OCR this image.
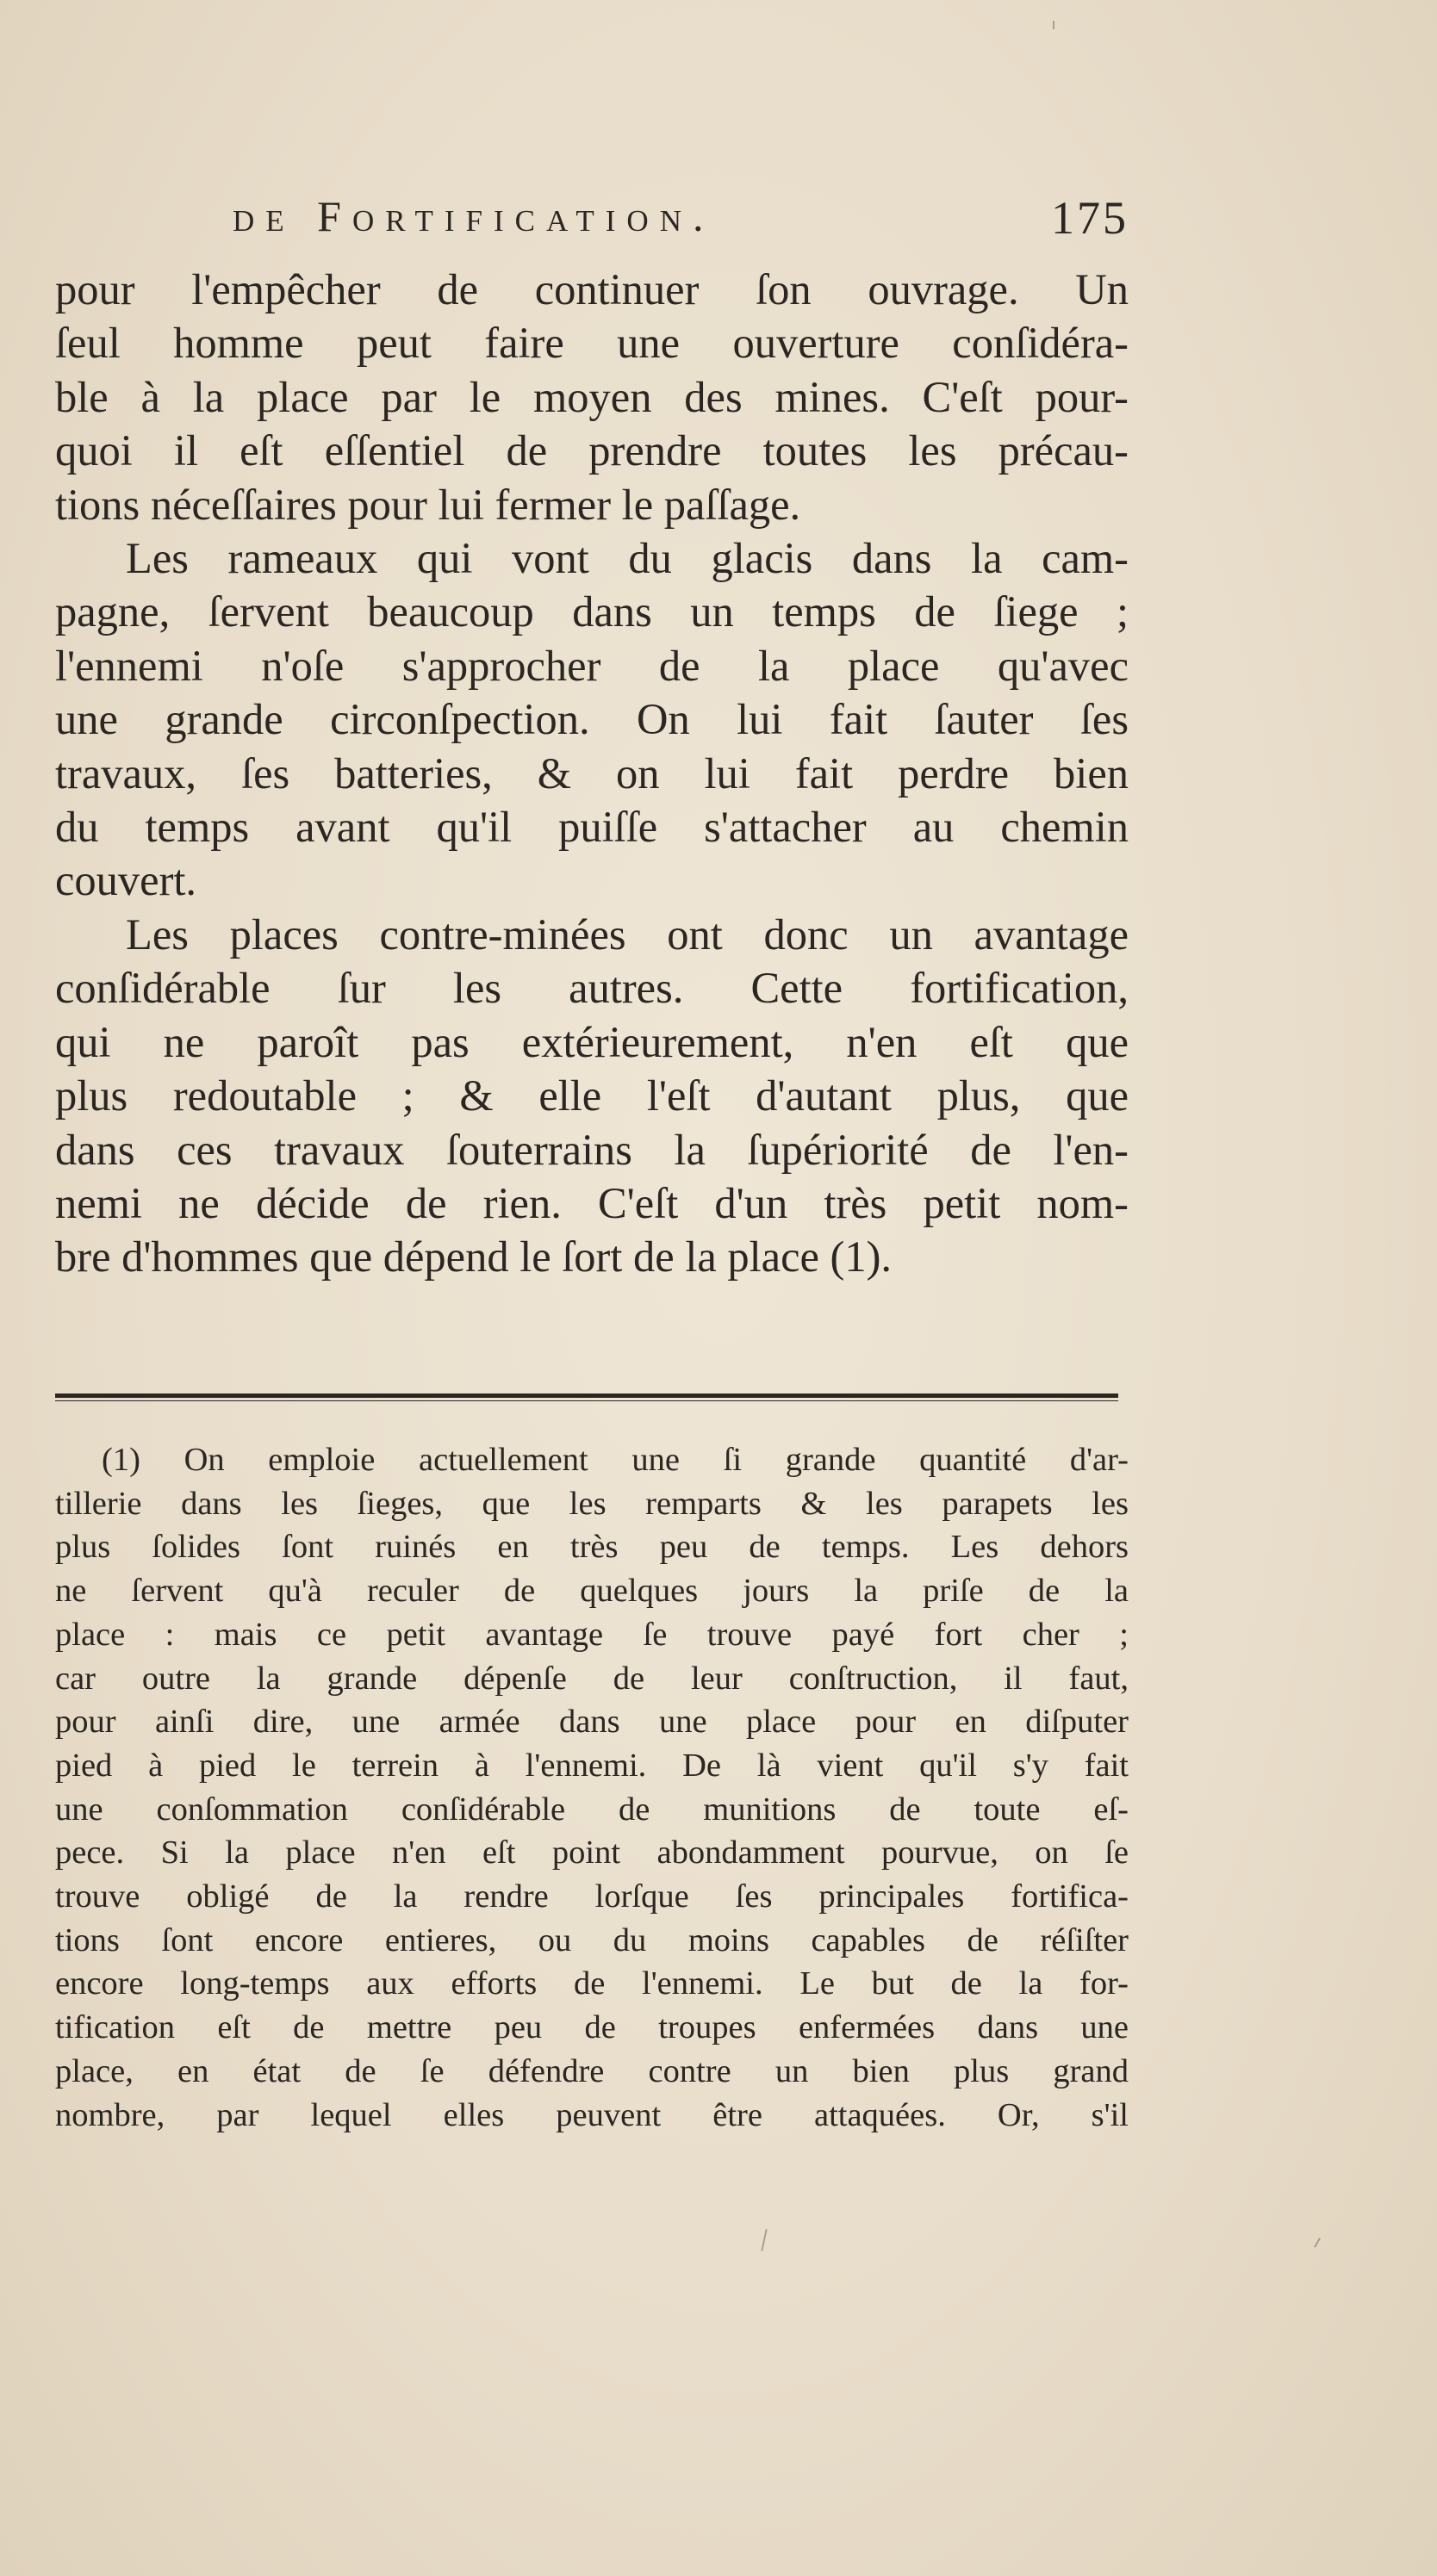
de Fortification.	175

pour l'empêcher de continuer ſon ouvrage. Un
ſeul homme peut faire une ouverture conſidéra-
ble à la place par le moyen des mines. C'eſt pour-
quoi il eſt eſſentiel de prendre toutes les précau-
tions néceſſaires pour lui fermer le paſſage.

Les rameaux qui vont du glacis dans la cam-
pagne, ſervent beaucoup dans un temps de ſiege ;
l'ennemi n'oſe s'approcher de la place qu'avec
une grande circonſpection. On lui fait ſauter ſes
travaux, ſes batteries, & on lui fait perdre bien
du temps avant qu'il puiſſe s'attacher au chemin
couvert.

Les places contre-minées ont donc un avantage
conſidérable ſur les autres. Cette fortification,
qui ne paroît pas extérieurement, n'en eſt que
plus redoutable ; & elle l'eſt d'autant plus, que
dans ces travaux ſouterrains la ſupériorité de l'en-
nemi ne décide de rien. C'eſt d'un très petit nom-
bre d'hommes que dépend le ſort de la place (1).

(1) On emploie actuellement une ſi grande quantité d'ar-
tillerie dans les ſieges, que les remparts & les parapets les
plus ſolides ſont ruinés en très peu de temps. Les dehors
ne ſervent qu'à reculer de quelques jours la priſe de la
place : mais ce petit avantage ſe trouve payé fort cher ;
car outre la grande dépenſe de leur conſtruction, il faut,
pour ainſi dire, une armée dans une place pour en diſputer
pied à pied le terrein à l'ennemi. De là vient qu'il s'y fait
une conſommation conſidérable de munitions de toute eſ-
pece. Si la place n'en eſt point abondamment pourvue, on ſe
trouve obligé de la rendre lorſque ſes principales fortifica-
tions ſont encore entieres, ou du moins capables de réſiſter
encore long-temps aux efforts de l'ennemi. Le but de la for-
tification eſt de mettre peu de troupes enfermées dans une
place, en état de ſe défendre contre un bien plus grand
nombre, par lequel elles peuvent être attaquées. Or, s'il
